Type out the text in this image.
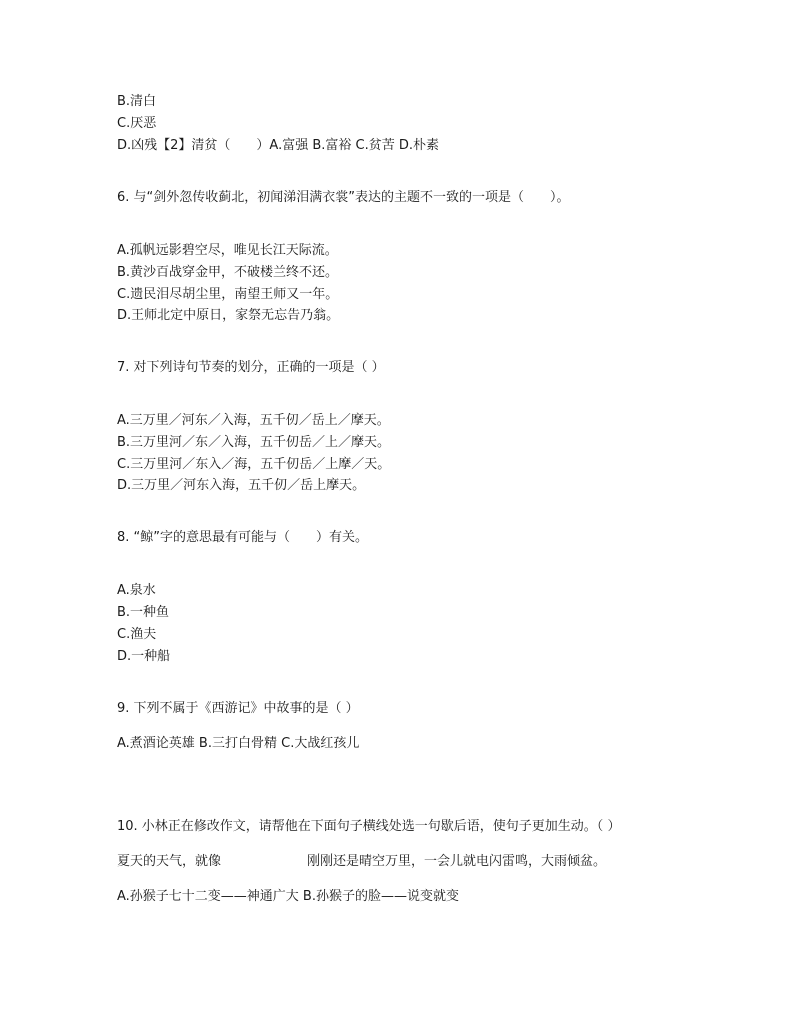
B.清白
C.厌恶
D.凶残【2】清贫（　　）A.富强 B.富裕 C.贫苦 D.朴素
6. 与“剑外忽传收蓟北，初闻涕泪满衣裳”表达的主题不一致的一项是（　　）。
A.孤帆远影碧空尽，唯见长江天际流。
B.黄沙百战穿金甲，不破楼兰终不还。
C.遗民泪尽胡尘里，南望王师又一年。
D.王师北定中原日，家祭无忘告乃翁。
7. 对下列诗句节奏的划分，正确的一项是（ ）
A.三万里／河东／入海，五千仞／岳上／摩天。
B.三万里河／东／入海，五千仞岳／上／摩天。
C.三万里河／东入／海，五千仞岳／上摩／天。
D.三万里／河东入海，五千仞／岳上摩天。
8. “鲸”字的意思最有可能与（　　）有关。
A.泉水
B.一种鱼
C.渔夫
D.一种船
9. 下列不属于《西游记》中故事的是（ ）
A.煮酒论英雄 B.三打白骨精 C.大战红孩儿
10. 小林正在修改作文，请帮他在下面句子横线处选一句歇后语，使句子更加生动。（ ）
夏天的天气，就像	刚刚还是晴空万里，一会儿就电闪雷鸣，大雨倾盆。
A.孙猴子七十二变——神通广大 B.孙猴子的脸——说变就变
